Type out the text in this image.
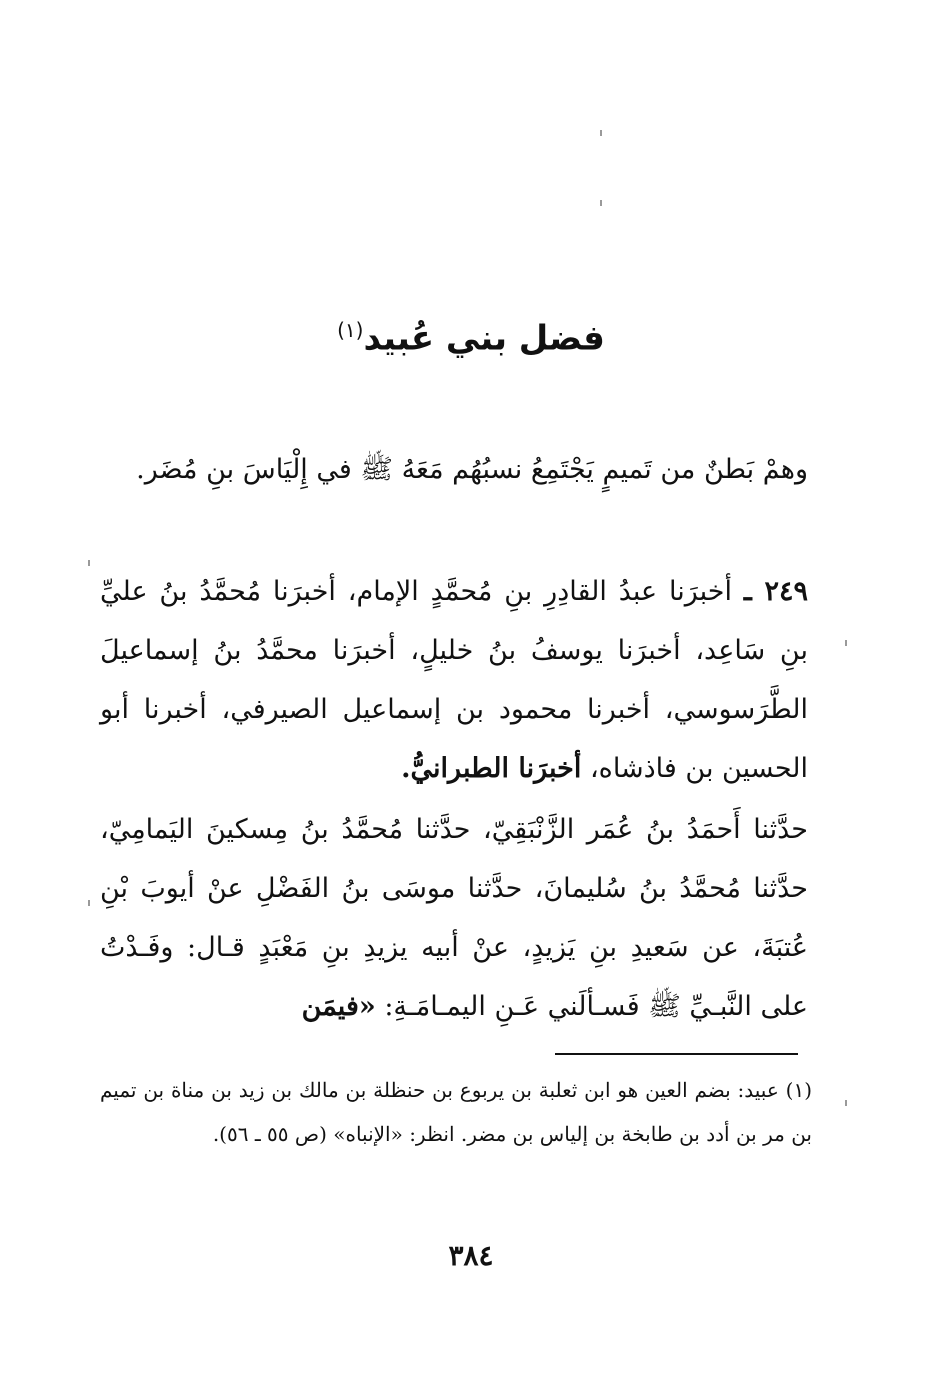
فضل بني عُبيد$^{(١)}$

وهمْ بَطنٌ من تَميمٍ يَجْتَمِعُ نسبُهُم مَعَهُ ﷺ في إِلْيَاسَ بنِ مُضَر.

٢٤٩ ـ أخبرَنا عبدُ القادِرِ بنِ مُحمَّدٍ الإمام، أخبرَنا مُحمَّدُ بنُ عليِّ بنِ سَاعِد، أخبرَنا يوسفُ بنُ خليلٍ، أخبرَنا محمَّدُ بنُ إسماعيلَ الطَّرَسوسي، أخبرنا محمود بن إسماعيل الصيرفي، أخبرنا أبو الحسين بن فاذشاه، أخبرَنا الطبرانيُّ.

حدَّثنا أَحمَدُ بنُ عُمَر الزَّنْبَقِيّ، حدَّثنا مُحمَّدُ بنُ مِسكينَ اليَمامِيّ، حدَّثنا مُحمَّدُ بنُ سُليمانَ، حدَّثنا موسَى بنُ الفَضْلِ عنْ أيوبَ بْنِ عُتبَةَ، عن سَعيدِ بنِ يَزيدٍ، عنْ أبيه يزيدِ بنِ مَعْبَدٍ قـال: وفَـدْتُ على النَّبـيِّ ﷺ فَسـألَني عَـنِ اليمـامَـةِ: «فيمَن

(١) عبيد: بضم العين هو ابن ثعلبة بن يربوع بن حنظلة بن مالك بن زيد بن مناة بن تميم بن مر بن أدد بن طابخة بن إلياس بن مضر. انظر: «الإنباه» (ص ٥٥ ـ ٥٦).

٣٨٤
